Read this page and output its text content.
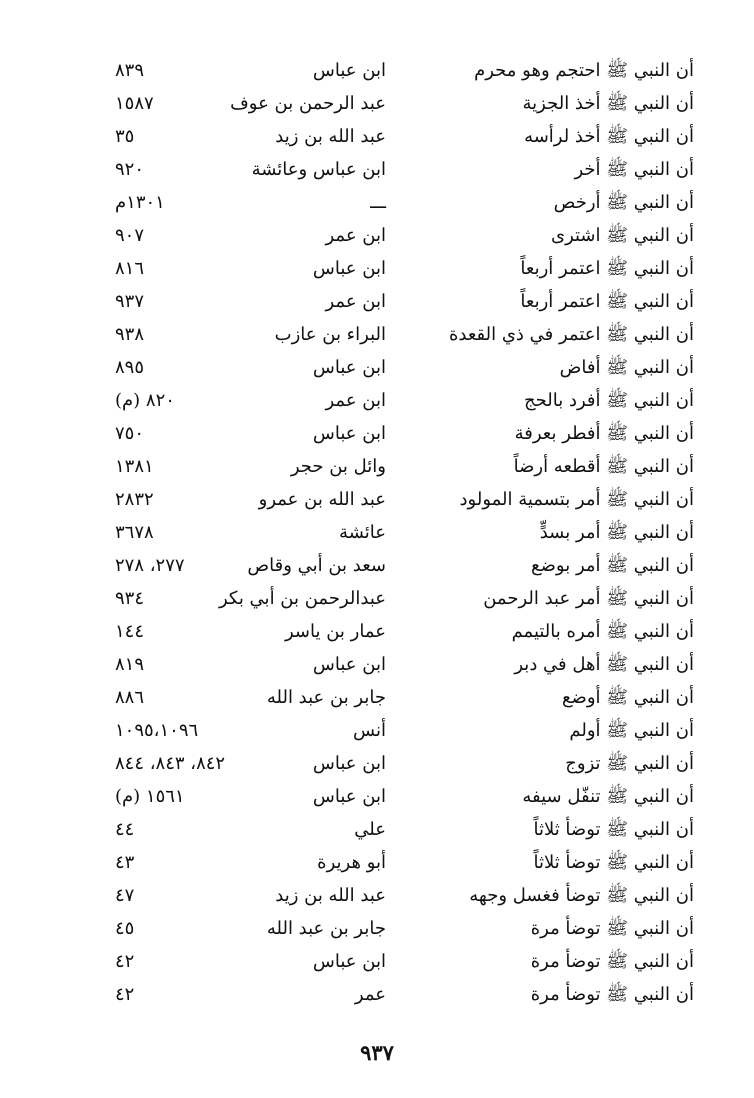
أن النبي ﷺ احتجم وهو محرم
ابن عباس
٨٣٩
أن النبي ﷺ أخذ الجزية
عبد الرحمن بن عوف
١٥٨٧
أن النبي ﷺ أخذ لرأسه
عبد الله بن زيد
٣٥
أن النبي ﷺ أخر
ابن عباس وعائشة
٩٢٠
أن النبي ﷺ أرخص
ـــ
١٣٠١م
أن النبي ﷺ اشترى
ابن عمر
٩٠٧
أن النبي ﷺ اعتمر أربعاً
ابن عباس
٨١٦
أن النبي ﷺ اعتمر أربعاً
ابن عمر
٩٣٧
أن النبي ﷺ اعتمر في ذي القعدة
البراء بن عازب
٩٣٨
أن النبي ﷺ أفاض
ابن عباس
٨٩٥
أن النبي ﷺ أفرد بالحج
ابن عمر
٨٢٠ (م)
أن النبي ﷺ أفطر بعرفة
ابن عباس
٧٥٠
أن النبي ﷺ أقطعه أرضاً
وائل بن حجر
١٣٨١
أن النبي ﷺ أمر بتسمية المولود
عبد الله بن عمرو
٢٨٣٢
أن النبي ﷺ أمر بسدٍّ
عائشة
٣٦٧٨
أن النبي ﷺ أمر بوضع
سعد بن أبي وقاص
٢٧٧، ٢٧٨
أن النبي ﷺ أمر عبد الرحمن
عبدالرحمن بن أبي بكر
٩٣٤
أن النبي ﷺ أمره بالتيمم
عمار بن ياسر
١٤٤
أن النبي ﷺ أهل في دبر
ابن عباس
٨١٩
أن النبي ﷺ أوضع
جابر بن عبد الله
٨٨٦
أن النبي ﷺ أولم
أنس
١٠٩٥،١٠٩٦
أن النبي ﷺ تزوج
ابن عباس
٨٤٢، ٨٤٣، ٨٤٤
أن النبي ﷺ تنفّل سيفه
ابن عباس
١٥٦١ (م)
أن النبي ﷺ توضأ ثلاثاً
علي
٤٤
أن النبي ﷺ توضأ ثلاثاً
أبو هريرة
٤٣
أن النبي ﷺ توضأ فغسل وجهه
عبد الله بن زيد
٤٧
أن النبي ﷺ توضأ مرة
جابر بن عبد الله
٤٥
أن النبي ﷺ توضأ مرة
ابن عباس
٤٢
أن النبي ﷺ توضأ مرة
عمر
٤٢
٩٣٧
